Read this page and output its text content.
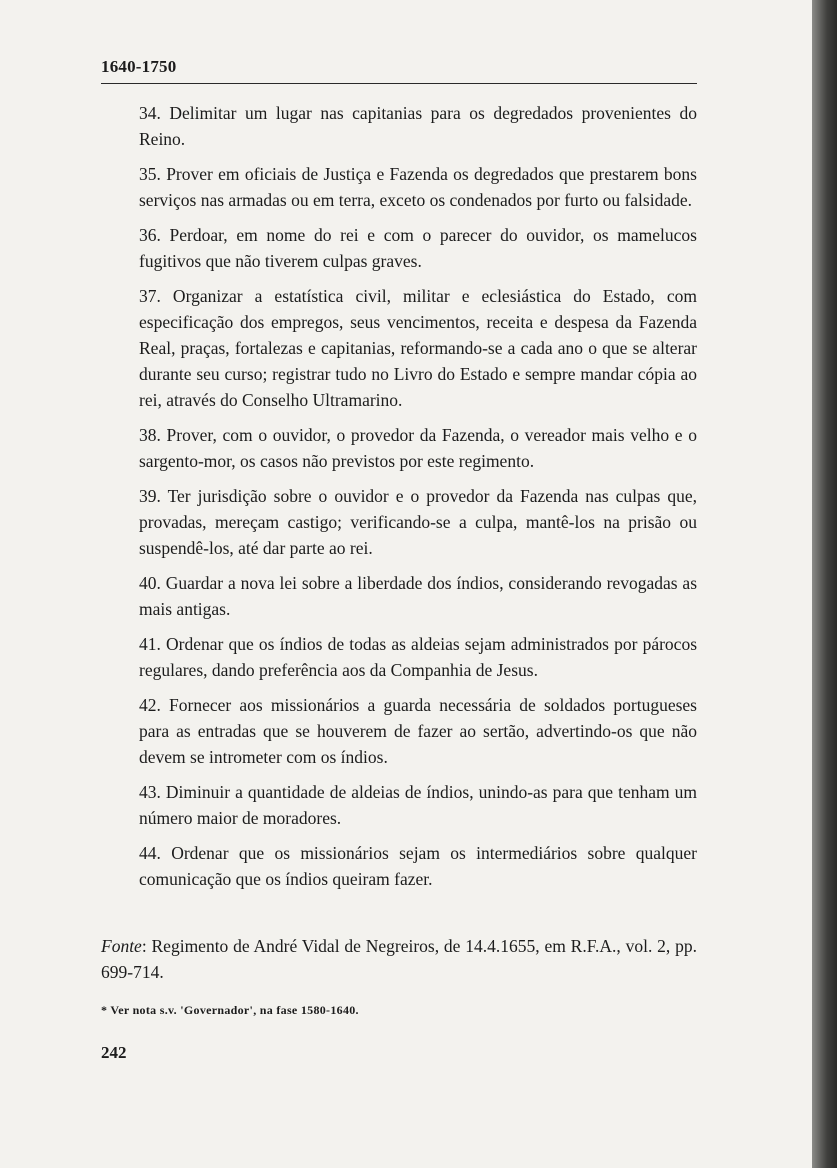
1640-1750

34. Delimitar um lugar nas capitanias para os degredados provenientes do Reino.

35. Prover em oficiais de Justiça e Fazenda os degredados que prestarem bons serviços nas armadas ou em terra, exceto os condenados por furto ou falsidade.

36. Perdoar, em nome do rei e com o parecer do ouvidor, os mamelucos fugitivos que não tiverem culpas graves.

37. Organizar a estatística civil, militar e eclesiástica do Estado, com especificação dos empregos, seus vencimentos, receita e despesa da Fazenda Real, praças, fortalezas e capitanias, reformando-se a cada ano o que se alterar durante seu curso; registrar tudo no Livro do Estado e sempre mandar cópia ao rei, através do Conselho Ultramarino.

38. Prover, com o ouvidor, o provedor da Fazenda, o vereador mais velho e o sargento-mor, os casos não previstos por este regimento.

39. Ter jurisdição sobre o ouvidor e o provedor da Fazenda nas culpas que, provadas, mereçam castigo; verificando-se a culpa, mantê-los na prisão ou suspendê-los, até dar parte ao rei.

40. Guardar a nova lei sobre a liberdade dos índios, considerando revogadas as mais antigas.

41. Ordenar que os índios de todas as aldeias sejam administrados por párocos regulares, dando preferência aos da Companhia de Jesus.

42. Fornecer aos missionários a guarda necessária de soldados portugueses para as entradas que se houverem de fazer ao sertão, advertindo-os que não devem se intrometer com os índios.

43. Diminuir a quantidade de aldeias de índios, unindo-as para que tenham um número maior de moradores.

44. Ordenar que os missionários sejam os intermediários sobre qualquer comunicação que os índios queiram fazer.

Fonte: Regimento de André Vidal de Negreiros, de 14.4.1655, em R.F.A., vol. 2, pp. 699-714.
* Ver nota s.v. 'Governador', na fase 1580-1640.
242
